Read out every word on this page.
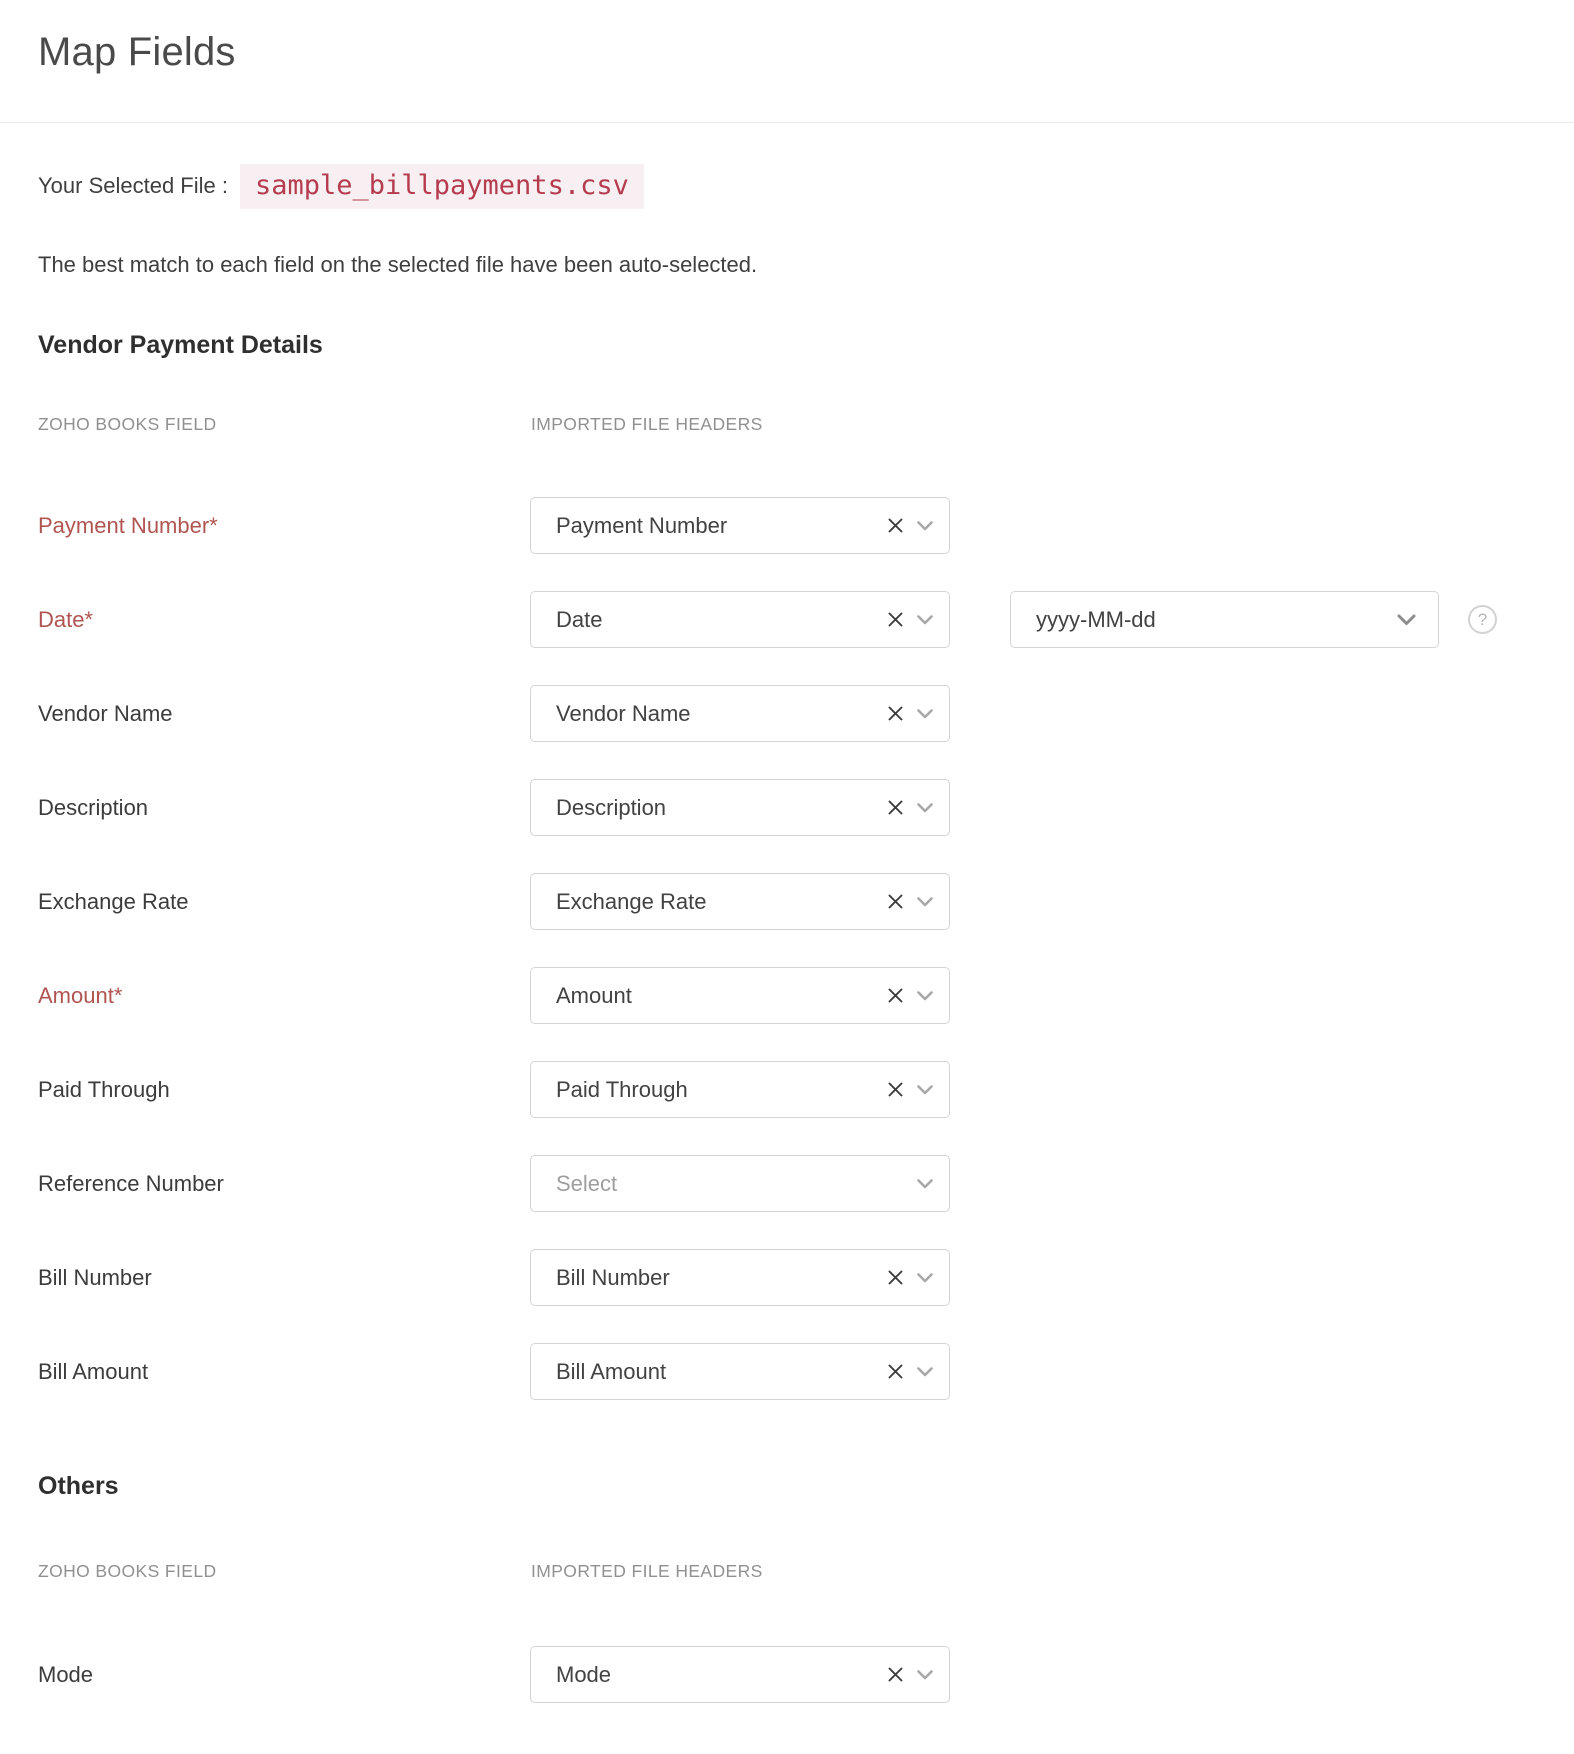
Map Fields

Your Selected File :	sample_billpayments.csv

The best match to each field on the selected file have been auto-selected.

Vendor Payment Details
ZOHO BOOKS FIELD	IMPORTED FILE HEADERS
Others
ZOHO BOOKS FIELD	IMPORTED FILE HEADERS
Payment Number*	Payment Number
Date*	Date	yyyy-MM-dd	?
Vendor Name	Vendor Name
Description	Description
Exchange Rate	Exchange Rate
Amount*	Amount
Paid Through	Paid Through
Reference Number	Select
Bill Number	Bill Number
Bill Amount	Bill Amount
Mode	Mode
